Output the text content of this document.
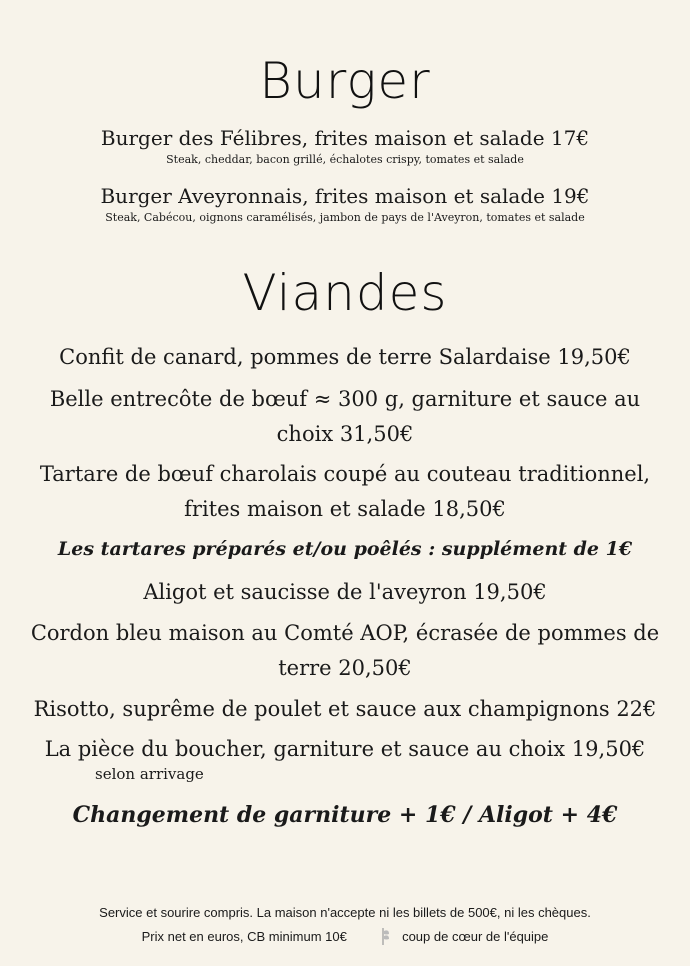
Burger
Burger des Félibres, frites maison et salade 17€
Steak, cheddar, bacon grillé, échalotes crispy, tomates et salade
Burger Aveyronnais, frites maison et salade 19€
Steak, Cabécou, oignons caramélisés, jambon de pays de l'Aveyron, tomates et salade
Viandes
Confit de canard, pommes de terre Salardaise 19,50€
Belle entrecôte de bœuf ≈ 300 g, garniture et sauce au
choix 31,50€
Tartare de bœuf charolais coupé au couteau traditionnel,
frites maison et salade 18,50€
Les tartares préparés et/ou poêlés : supplément de 1€
Aligot et saucisse de l'aveyron 19,50€
Cordon bleu maison au Comté AOP, écrasée de pommes de
terre 20,50€
Risotto, suprême de poulet et sauce aux champignons 22€
La pièce du boucher, garniture et sauce au choix 19,50€
selon arrivage
Changement de garniture + 1€ / Aligot + 4€
Service et sourire compris. La maison n'accepte ni les billets de 500€, ni les chèques.
Prix net en euros, CB minimum 10€	coup de cœur de l'équipe
